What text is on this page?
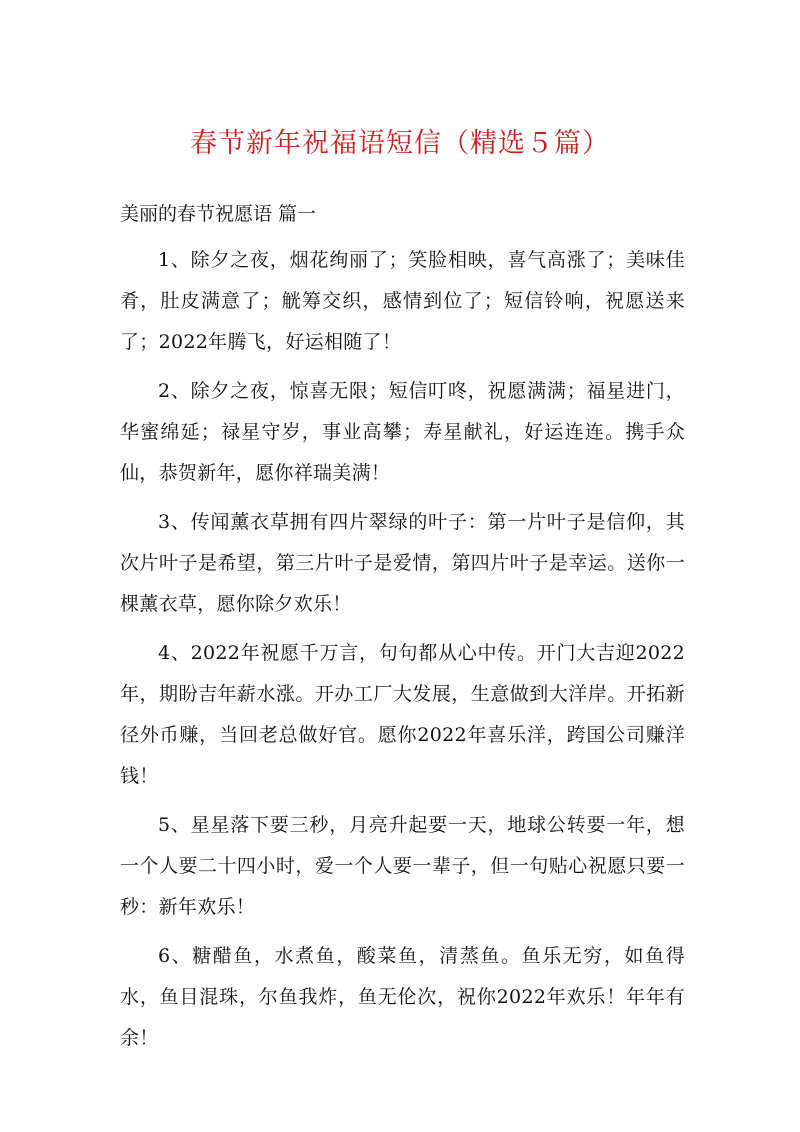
春节新年祝福语短信（精选５篇）
美丽的春节祝愿语 篇一

1、除夕之夜，烟花绚丽了；笑脸相映，喜气高涨了；美味佳肴，肚皮满意了；觥筹交织，感情到位了；短信铃响，祝愿送来了；2022年腾飞，好运相随了！

2、除夕之夜，惊喜无限；短信叮咚，祝愿满满；福星进门，华蜜绵延；禄星守岁，事业高攀；寿星献礼，好运连连。携手众仙，恭贺新年，愿你祥瑞美满！

3、传闻薰衣草拥有四片翠绿的叶子：第一片叶子是信仰，其次片叶子是希望，第三片叶子是爱情，第四片叶子是幸运。送你一棵薰衣草，愿你除夕欢乐！

4、2022年祝愿千万言，句句都从心中传。开门大吉迎2022年，期盼吉年薪水涨。开办工厂大发展，生意做到大洋岸。开拓新径外币赚，当回老总做好官。愿你2022年喜乐洋，跨国公司赚洋钱！

5、星星落下要三秒，月亮升起要一天，地球公转要一年，想一个人要二十四小时，爱一个人要一辈子，但一句贴心祝愿只要一秒：新年欢乐！

6、糖醋鱼，水煮鱼，酸菜鱼，清蒸鱼。鱼乐无穷，如鱼得水，鱼目混珠，尔鱼我炸，鱼无伦次，祝你2022年欢乐！年年有余！
